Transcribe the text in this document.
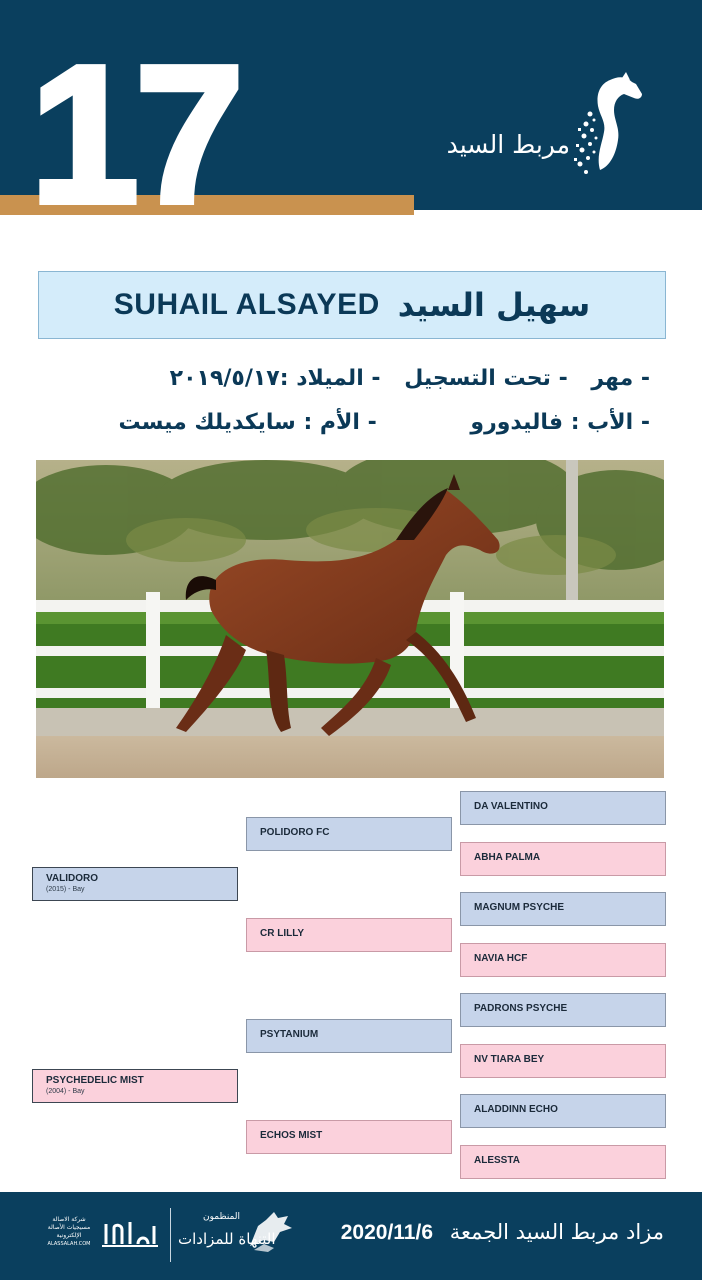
مربط السيد
17
SUHAIL ALSAYED سهيل السيد
- مهر - تحت التسجيل - الميلاد :٢٠١٩/٥/١٧
- الأب : فاليدورو - الأم : سايكديلك ميست
DA VALENTINO
ABHA PALMA
MAGNUM PSYCHE
NAVIA HCF
PADRONS PSYCHE
NV TIARA BEY
ALADDINN ECHO
ALESSTA
POLIDORO FC
CR LILLY
PSYTANIUM
ECHOS MIST
VALIDORO
(2015) - Bay
PSYCHEDELIC MIST
(2004) - Bay
مزاد مربط السيد الجمعة 2020/11/6
المنظمون
التنهاة للمزادات
شركة الاصالة
مسيجيات الأصالة الإلكترونية
ALASSALAH.COM
